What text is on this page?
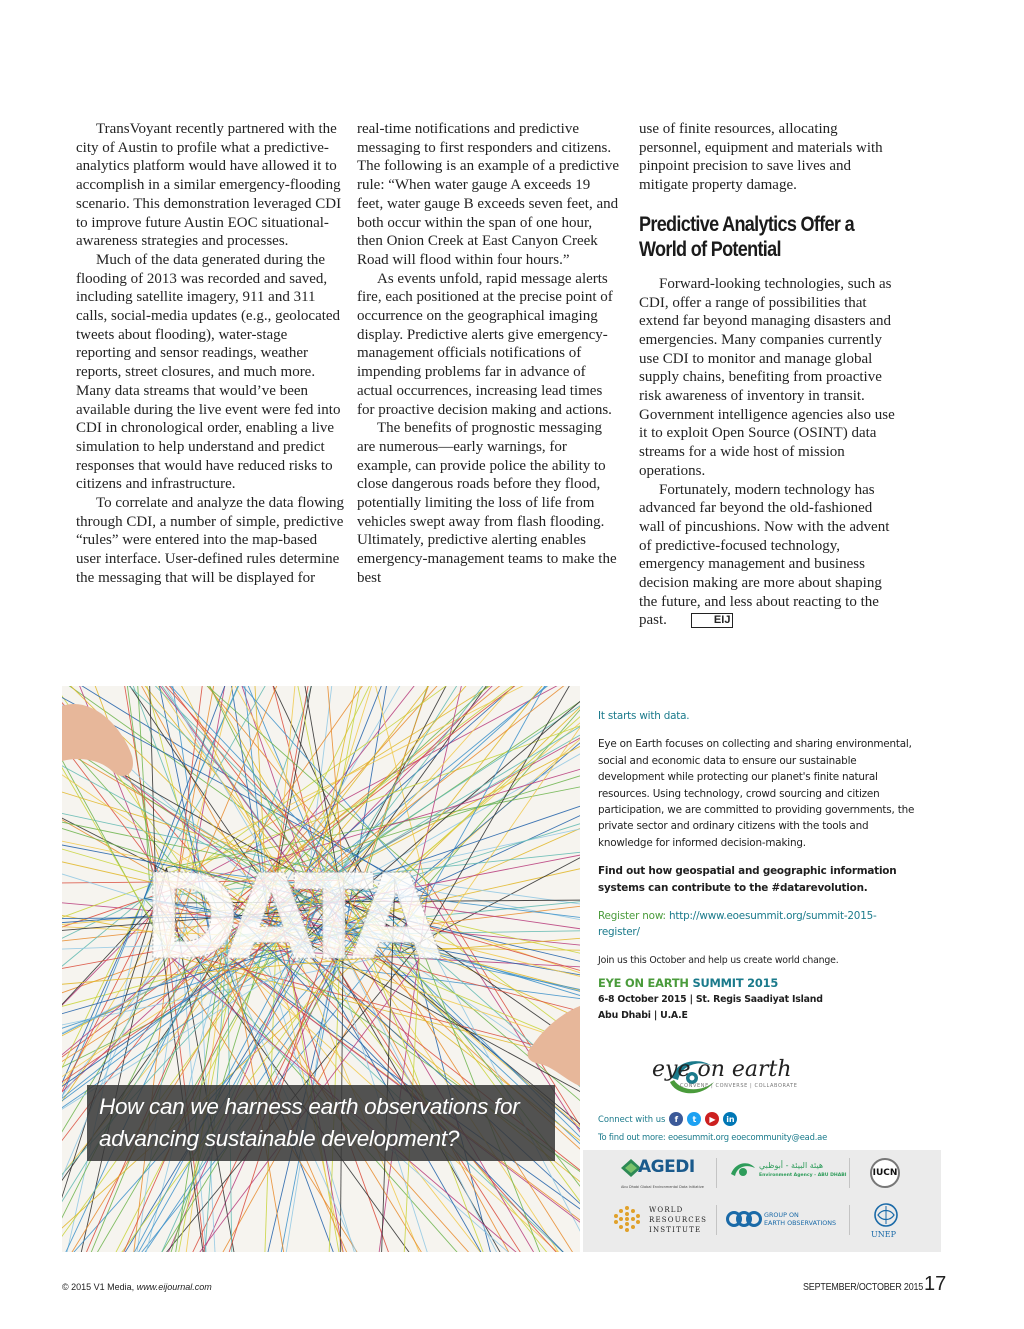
TransVoyant recently partnered with the city of Austin to profile what a predictive-analytics platform would have allowed it to accomplish in a similar emergency-flooding scenario. This demonstration leveraged CDI to improve future Austin EOC situational-awareness strategies and processes.

Much of the data generated during the flooding of 2013 was recorded and saved, including satellite imagery, 911 and 311 calls, social-media updates (e.g., geolocated tweets about flooding), water-stage reporting and sensor readings, weather reports, street closures, and much more. Many data streams that would’ve been available during the live event were fed into CDI in chronological order, enabling a live simulation to help understand and predict responses that would have reduced risks to citizens and infrastructure.

To correlate and analyze the data flowing through CDI, a number of simple, predictive “rules” were entered into the map-based user interface. User-defined rules determine the messaging that will be displayed for

real-time notifications and predictive messaging to first responders and citizens. The following is an example of a predictive rule: “When water gauge A exceeds 19 feet, water gauge B exceeds seven feet, and both occur within the span of one hour, then Onion Creek at East Canyon Creek Road will flood within four hours.”

As events unfold, rapid message alerts fire, each positioned at the precise point of occurrence on the geographical imaging display. Predictive alerts give emergency-management officials notifications of impending problems far in advance of actual occurrences, increasing lead times for proactive decision making and actions.

The benefits of prognostic messaging are numerous—early warnings, for example, can provide police the ability to close dangerous roads before they flood, potentially limiting the loss of life from vehicles swept away from flash flooding. Ultimately, predictive alerting enables emergency-management teams to make the best

use of finite resources, allocating personnel, equipment and materials with pinpoint precision to save lives and mitigate property damage.

Predictive Analytics Offer a World of Potential

Forward-looking technologies, such as CDI, offer a range of possibilities that extend far beyond managing disasters and emergencies. Many companies currently use CDI to monitor and manage global supply chains, benefiting from proactive risk awareness of inventory in transit. Government intelligence agencies also use it to exploit Open Source (OSINT) data streams for a wide host of mission operations.

Fortunately, modern technology has advanced far beyond the old-fashioned wall of pincushions. Now with the advent of predictive-focused technology, emergency management and business decision making are more about shaping the future, and less about reacting to the past.	EIJ

DATA
How can we harness earth observations for advancing sustainable development?
It starts with data.
Eye on Earth focuses on collecting and sharing environmental, social and economic data to ensure our sustainable development while protecting our planet's finite natural resources. Using technology, crowd sourcing and citizen participation, we are committed to providing governments, the private sector and ordinary citizens with the tools and knowledge for informed decision-making.
Find out how geospatial and geographic information systems can contribute to the #datarevolution.
Register now: http://www.eoesummit.org/summit-2015-register/
Join us this October and help us create world change.
EYE ON EARTH SUMMIT 2015
6-8 October 2015 | St. Regis Saadiyat Island
Abu Dhabi | U.A.E
eye on earth
CONVENE | CONVERSE | COLLABORATE
Connect with us	f	t	▶	in
To find out more: eoesummit.org eoecommunity@ead.ae
AGEDI
Abu Dhabi Global Environmental Data Initiative
هيئة البيئة - أبوظبي
Environment Agency - ABU DHABI	IUCN
WORLD
RESOURCES
INSTITUTE
GROUP ON
EARTH OBSERVATIONS
UNEP
© 2015 V1 Media, www.eijournal.com	SEPTEMBER/OCTOBER 2015 17
